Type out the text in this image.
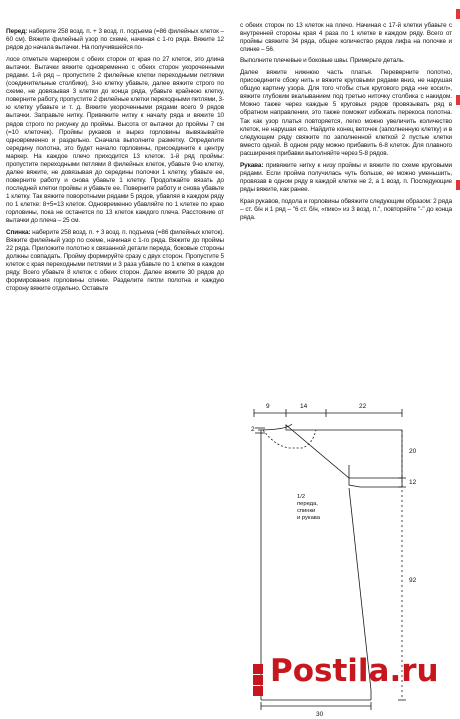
Перед: наберите 258 возд. п. + 3 возд. п. подъема (=86 филейных клеток – 60 см). Вяжите филейный узор по схеме, начиная с 1-го ряда. Вяжите 12 рядов до начала вытачки. На получившейся по-

лосе отметьте маркером с обеих сторон от края по 27 клеток, это длина вытачки. Вытачки вяжите одновременно с обеих сторон укороченными рядами. 1-й ряд – пропустите 2 филейные клетки переходными петлями (соединительные столбики), 3-ю клетку убавьте, далее вяжите строго по схеме, не довязывая 3 клетки до конца ряда, убавьте крайнюю клетку, поверните работу, пропустите 2 филейные клетки переходными петлями, 3-ю клетку убавьте и т. д. Вяжите укороченными рядами всего 9 рядов вытачки. Заправьте нитку. Привяжите нитку к началу ряда и вяжите 10 рядов строго по рисунку до проймы. Высота от вытачки до проймы 7 см (=10 клеточек). Проймы рукавов и вырез горловины вывязывайте одновременно и раздельно. Сначала выполните разметку. Определите середину полотна, это будет начало горловины, присоедините к центру маркер. На каждое плечо приходится 13 клеток. 1-й ряд проймы: пропустите переходными петлями 8 филейных клеток, убавьте 9-ю клетку, далее вяжите, не довязывая до середины полочки 1 клетку, убавьте ее, поверните работу и снова убавьте 1 клетку. Продолжайте вязать до последней клетки проймы и убавьте ее. Поверните работу и снова убавьте 1 клетку. Так вяжите поворотными рядами 5 рядов, убавляя в каждом ряду по 1 клетке: 8+5=13 клеток. Одновременно убавляйте по 1 клетке по краю горловины, пока не останется по 13 клеток каждого плеча. Расстояние от вытачки до плеча – 25 см.

Спинка: наберите 258 возд. п. + 3 возд. п. подъема (=86 филейных клеток). Вяжите филейный узор по схеме, начиная с 1-го ряда. Вяжите до проймы 22 ряда. Приложите полотно к связанной детали переда, боковые стороны должны совпадать. Пройму формируйте сразу с двух сторон. Пропустите 5 клеток с края переходными петлями и 3 раза убавьте по 1 клетке в каждом ряду. Всего убавьте 8 клеток с обеих сторон. Далее вяжите 30 рядов до формирования горловины спинки. Разделите петли полотна и каждую сторону вяжите отдельно. Оставьте

с обеих сторон по 13 клеток на плечо. Начиная с 17-й клетки убавьте с внутренней стороны края 4 раза по 1 клетке в каждом ряду. Всего от проймы свяжите 34 ряда, общее количество рядов лифа на полочке и спинке – 56.

Выполните плечевые и боковые швы. Примерьте деталь.

Далее вяжите нижнюю часть платья. Переверните полотно, присоедините сбоку нить и вяжите круговыми рядами вниз, не нарушая общую картину узора. Для того чтобы стык кругового ряда «не косил», вяжите глубоким вкалыванием под третью ниточку столбика с накидом. Можно также через каждые 5 круговых рядов провязывать ряд в обратном направлении, это также поможет избежать перекоса полотна. Так как узор платья повторяется, легко можно увеличить количество клеток, не нарушая его. Найдите конец веточек (заполненную клетку) и в следующем ряду свяжите по заполненной клеткой 2 пустые клетки вместо одной. В одном ряду можно прибавить 6-8 клеток. Для плавного расширения прибавки выполняйте через 5-8 рядов.

Рукава: привяжите нитку к низу проймы и вяжите по схеме круговыми рядами. Если пройма получилась чуть больше, ее можно уменьшить, провязав в одном ряду в каждой клетке не 2, а 1 возд. п. Последующие ряды вяжите, как ранее.

Края рукавов, подола и горловины обвяжите следующим образом: 2 ряда – ст. б/н и 1 ряд – "6 ст. б/н, «пико» из 3 возд. п.", повторяйте "-" до конца ряда.

9	14	22
2
20
12
92
30
1/2
переда,
спинки
и рукава
Postila.ru
